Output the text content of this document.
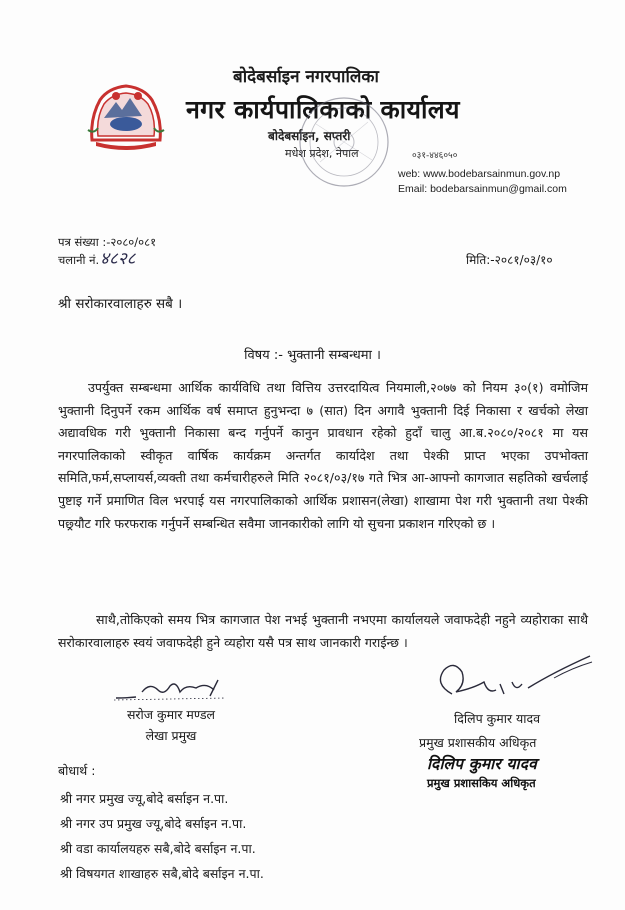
बोदेबर्साइन नगरपालिका
नगर कार्यपालिकाको कार्यालय
बोदेबर्साइन, सप्तरी
मधेश प्रदेश, नेपाल	०३१-४४६०५०
web: www.bodebarsainmun.gov.np
Email: bodebarsainmun@gmail.com
पत्र संख्या :-२०८०/०८१
चलानी नं.४८२८	मिति:-२०८१/०३/१०
श्री सरोकारवालाहरु सबै ।
विषय :- भुक्तानी सम्बन्धमा ।
उपर्युक्त सम्बन्धमा आर्थिक कार्यविधि तथा वित्तिय उत्तरदायित्व नियमाली,२०७७ को नियम ३०(१) वमोजिम भुक्तानी दिनुपर्ने रकम आर्थिक वर्ष समाप्त हुनुभन्दा ७ (सात) दिन अगावै भुक्तानी दिई निकासा र खर्चको लेखा अद्यावधिक गरी भुक्तानी निकासा बन्द गर्नुपर्ने कानुन प्रावधान रहेको हुदाँ चालु आ.ब.२०८०/२०८१ मा यस नगरपालिकाको स्वीकृत वार्षिक कार्यक्रम अन्तर्गत कार्यादेश तथा पेश्की प्राप्त भएका उपभोक्ता समिति,फर्म,सप्लायर्स,व्यक्ती तथा कर्मचारीहरुले मिति २०८१/०३/१७ गते भित्र आ-आफ्नो कागजात सहतिको खर्चलाई पुष्टाइ गर्ने प्रमाणित विल भरपाई यस नगरपालिकाको आर्थिक प्रशासन(लेखा) शाखामा पेश गरी भुक्तानी तथा पेश्की पछ्र्यौट गरि फरफराक गर्नुपर्ने सम्बन्धित सवैमा जानकारीको लागि यो सुचना प्रकाशन गरिएको छ ।
साथै,तोकिएको समय भित्र कागजात पेश नभई भुक्तानी नभएमा कार्यालयले जवाफदेही नहुने व्यहोराका साथै सरोकारवालाहरु स्वयं जवाफदेही हुने व्यहोरा यसै पत्र साथ जानकारी गराईन्छ ।
सरोज कुमार मण्डल
लेखा प्रमुख
दिलिप कुमार यादव
प्रमुख प्रशासकीय अधिकृत
दिलिप कुमार यादव
प्रमुख प्रशासकिय अधिकृत
बोधार्थ :
श्री नगर प्रमुख ज्यू,बोदे बर्साइन न.पा.
श्री नगर उप प्रमुख ज्यू,बोदे बर्साइन न.पा.
श्री वडा कार्यालयहरु सबै,बोदे बर्साइन न.पा.
श्री विषयगत शाखाहरु सबै,बोदे बर्साइन न.पा.
